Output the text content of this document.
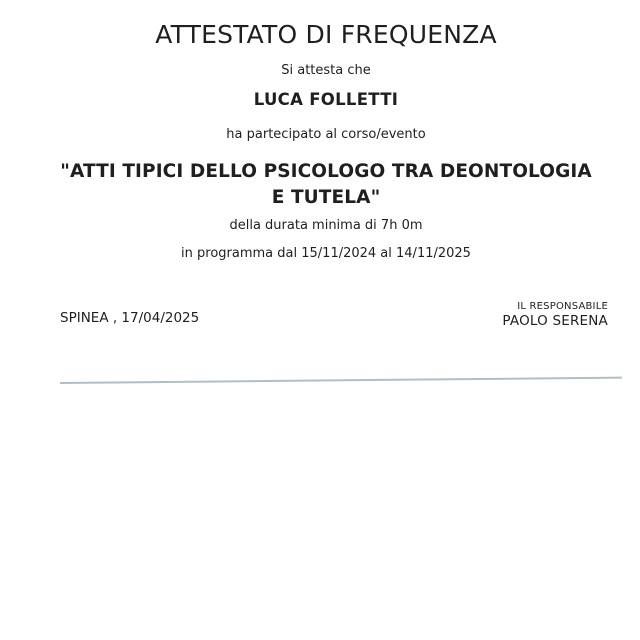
ATTESTATO DI FREQUENZA

Si attesta che

LUCA FOLLETTI

ha partecipato al corso/evento

"ATTI TIPICI DELLO PSICOLOGO TRA DEONTOLOGIA
E TUTELA"

della durata minima di 7h 0m

in programma dal 15/11/2024 al 14/11/2025

SPINEA , 17/04/2025

IL RESPONSABILE
PAOLO SERENA
